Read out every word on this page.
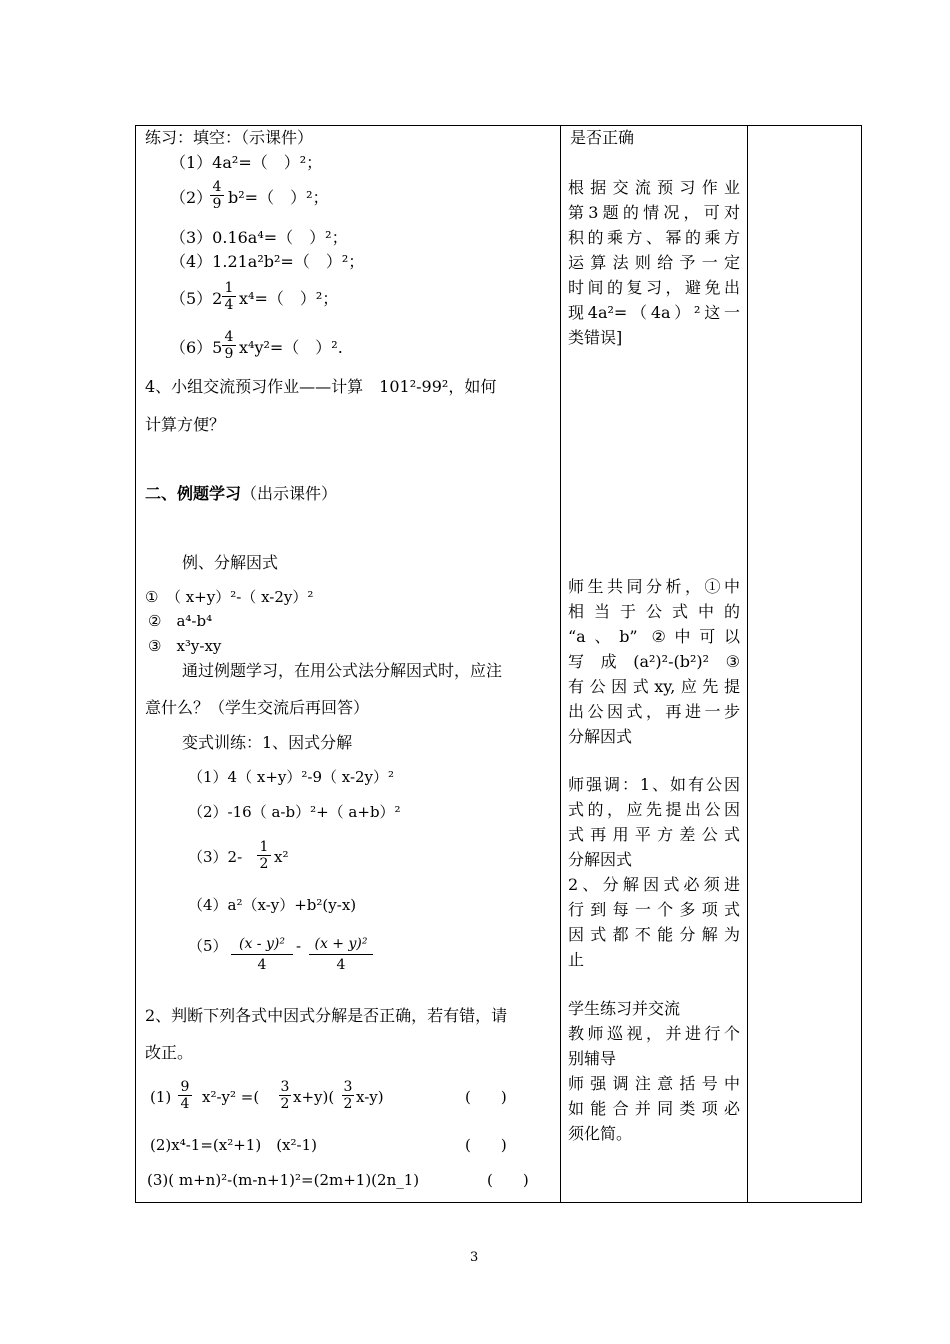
练习：填空：（示课件）
（1）4a²=（　）²；
（2）
$\frac{4}{9} b^2=$（　）²；
（3）0.16a⁴=（　）²；
（4）1.21a²b²=（　）²；
$(5)2 \frac{1}{4} x^4=$（　）²；
$(6)5 \frac{4}{9} x^4y^2=$（　）².
4、小组交流预习作业——计算　101²-99²，如何
计算方便？
二、例题学习（出示课件）
例、分解因式
①　（ x+y）²-（ x-2y）²
②　a⁴-b⁴
③　x³y-xy
通过例题学习，在用公式法分解因式时，应注
意什么？（学生交流后再回答）
变式训练：1、因式分解
（1）4（ x+y）²-9（ x-2y）²
（2）-16（ a-b）²+（ a+b）²
$(3)2- \frac{1}{2} x^2$
（4）a²（x-y）+b²(y-x)
$(5) \frac{\text{(x - y)²}}{4} - \frac{\text{(x + y)²}}{4}$
2、判断下列各式中因式分解是否正确，若有错，请
改正。
$(1) \frac{9}{4} x^2-y^2$ =( $\frac{3}{2} x+y)( \frac{3}{2} x-y)$	(　　)
(2)x⁴-1=(x²+1)　(x²-1)	(　　)
(3)( m+n)²-(m-n+1)²=(2m+1)(2n_1)	(　　)
是否正确
根据交流预习作业
第3题的情况，可对
积的乘方、幂的乘方
运算法则给予一定
时间的复习，避免出
现4a²=（4a）²这一
类错误]
师生共同分析，①中
相当于公式中的
“a、b” ②中可以
写成(a²)²-(b²)²③
有公因式xy,应先提
出公因式，再进一步
分解因式
师强调：1、如有公因
式的，应先提出公因
式再用平方差公式
分解因式
2、分解因式必须进
行到每一个多项式
因式都不能分解为
止
学生练习并交流
教师巡视，并进行个
别辅导
师强调注意括号中
如能合并同类项必
须化简。
3
